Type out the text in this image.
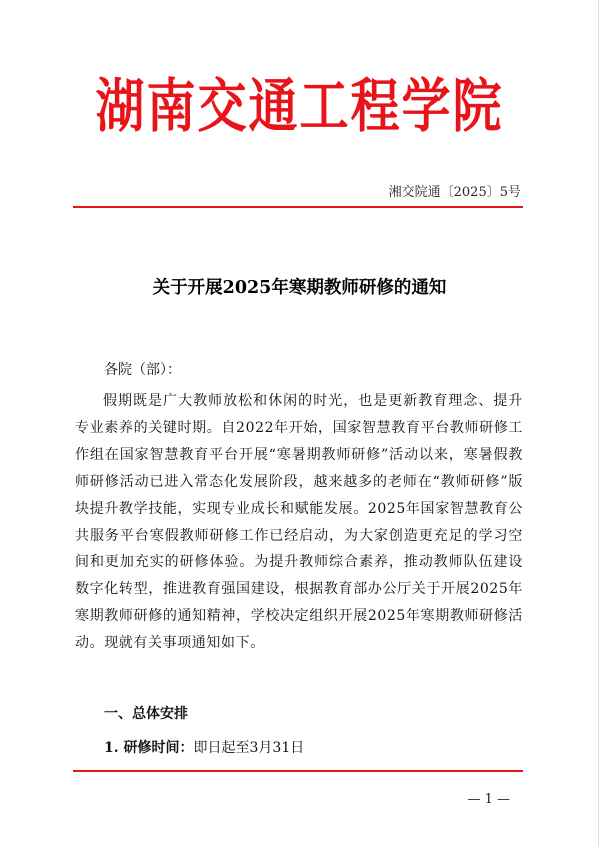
湖南交通工程学院
湘交院通〔2025〕5号
关于开展2025年寒期教师研修的通知
各院（部）：

假期既是广大教师放松和休闲的时光，也是更新教育理念、提升专业素养的关键时期。自2022年开始，国家智慧教育平台教师研修工作组在国家智慧教育平台开展“寒暑期教师研修”活动以来，寒暑假教师研修活动已进入常态化发展阶段，越来越多的老师在“教师研修”版块提升教学技能，实现专业成长和赋能发展。2025年国家智慧教育公共服务平台寒假教师研修工作已经启动，为大家创造更充足的学习空间和更加充实的研修体验。为提升教师综合素养，推动教师队伍建设数字化转型，推进教育强国建设，根据教育部办公厅关于开展2025年寒期教师研修的通知精神，学校决定组织开展2025年寒期教师研修活动。现就有关事项通知如下。

一、总体安排
1. 研修时间：即日起至3月31日
— 1 —
